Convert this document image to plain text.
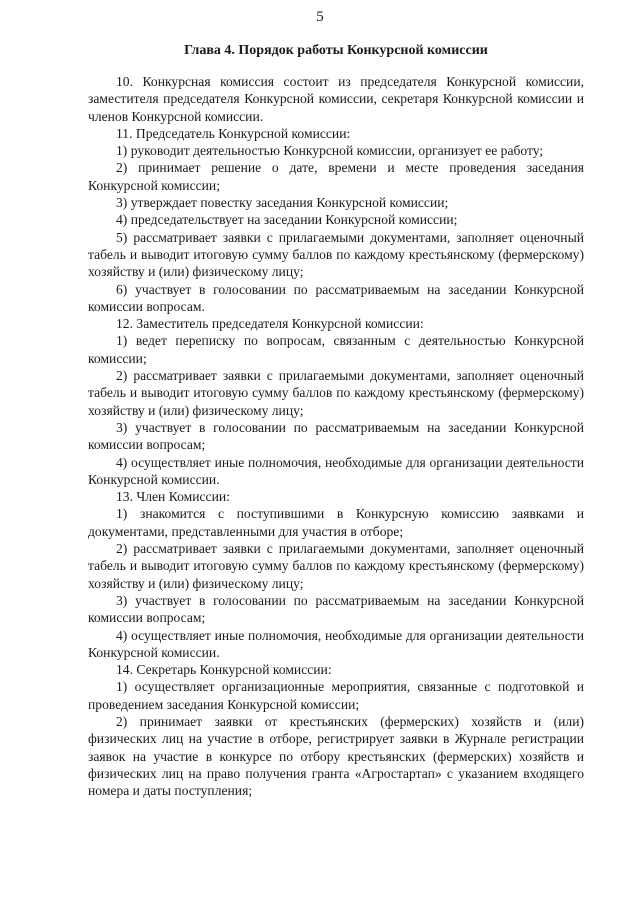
5
Глава 4. Порядок работы Конкурсной комиссии

10. Конкурсная комиссия состоит из председателя Конкурсной комиссии, заместителя председателя Конкурсной комиссии, секретаря Конкурсной комиссии и членов Конкурсной комиссии.

11. Председатель Конкурсной комиссии:

1) руководит деятельностью Конкурсной комиссии, организует ее работу;

2) принимает решение о дате, времени и месте проведения заседания Конкурсной комиссии;

3) утверждает повестку заседания Конкурсной комиссии;

4) председательствует на заседании Конкурсной комиссии;

5) рассматривает заявки с прилагаемыми документами, заполняет оценочный табель и выводит итоговую сумму баллов по каждому крестьянскому (фермерскому) хозяйству и (или) физическому лицу;

6) участвует в голосовании по рассматриваемым на заседании Конкурсной комиссии вопросам.

12. Заместитель председателя Конкурсной комиссии:

1) ведет переписку по вопросам, связанным с деятельностью Конкурсной комиссии;

2) рассматривает заявки с прилагаемыми документами, заполняет оценочный табель и выводит итоговую сумму баллов по каждому крестьянскому (фермерскому) хозяйству и (или) физическому лицу;

3) участвует в голосовании по рассматриваемым на заседании Конкурсной комиссии вопросам;

4) осуществляет иные полномочия, необходимые для организации деятельности Конкурсной комиссии.

13. Член Комиссии:

1) знакомится с поступившими в Конкурсную комиссию заявками и документами, представленными для участия в отборе;

2) рассматривает заявки с прилагаемыми документами, заполняет оценочный табель и выводит итоговую сумму баллов по каждому крестьянскому (фермерскому) хозяйству и (или) физическому лицу;

3) участвует в голосовании по рассматриваемым на заседании Конкурсной комиссии вопросам;

4) осуществляет иные полномочия, необходимые для организации деятельности Конкурсной комиссии.

14. Секретарь Конкурсной комиссии:

1) осуществляет организационные мероприятия, связанные с подготовкой и проведением заседания Конкурсной комиссии;

2) принимает заявки от крестьянских (фермерских) хозяйств и (или) физических лиц на участие в отборе, регистрирует заявки в Журнале регистрации заявок на участие в конкурсе по отбору крестьянских (фермерских) хозяйств и физических лиц на право получения гранта «Агростартап» с указанием входящего номера и даты поступления;
